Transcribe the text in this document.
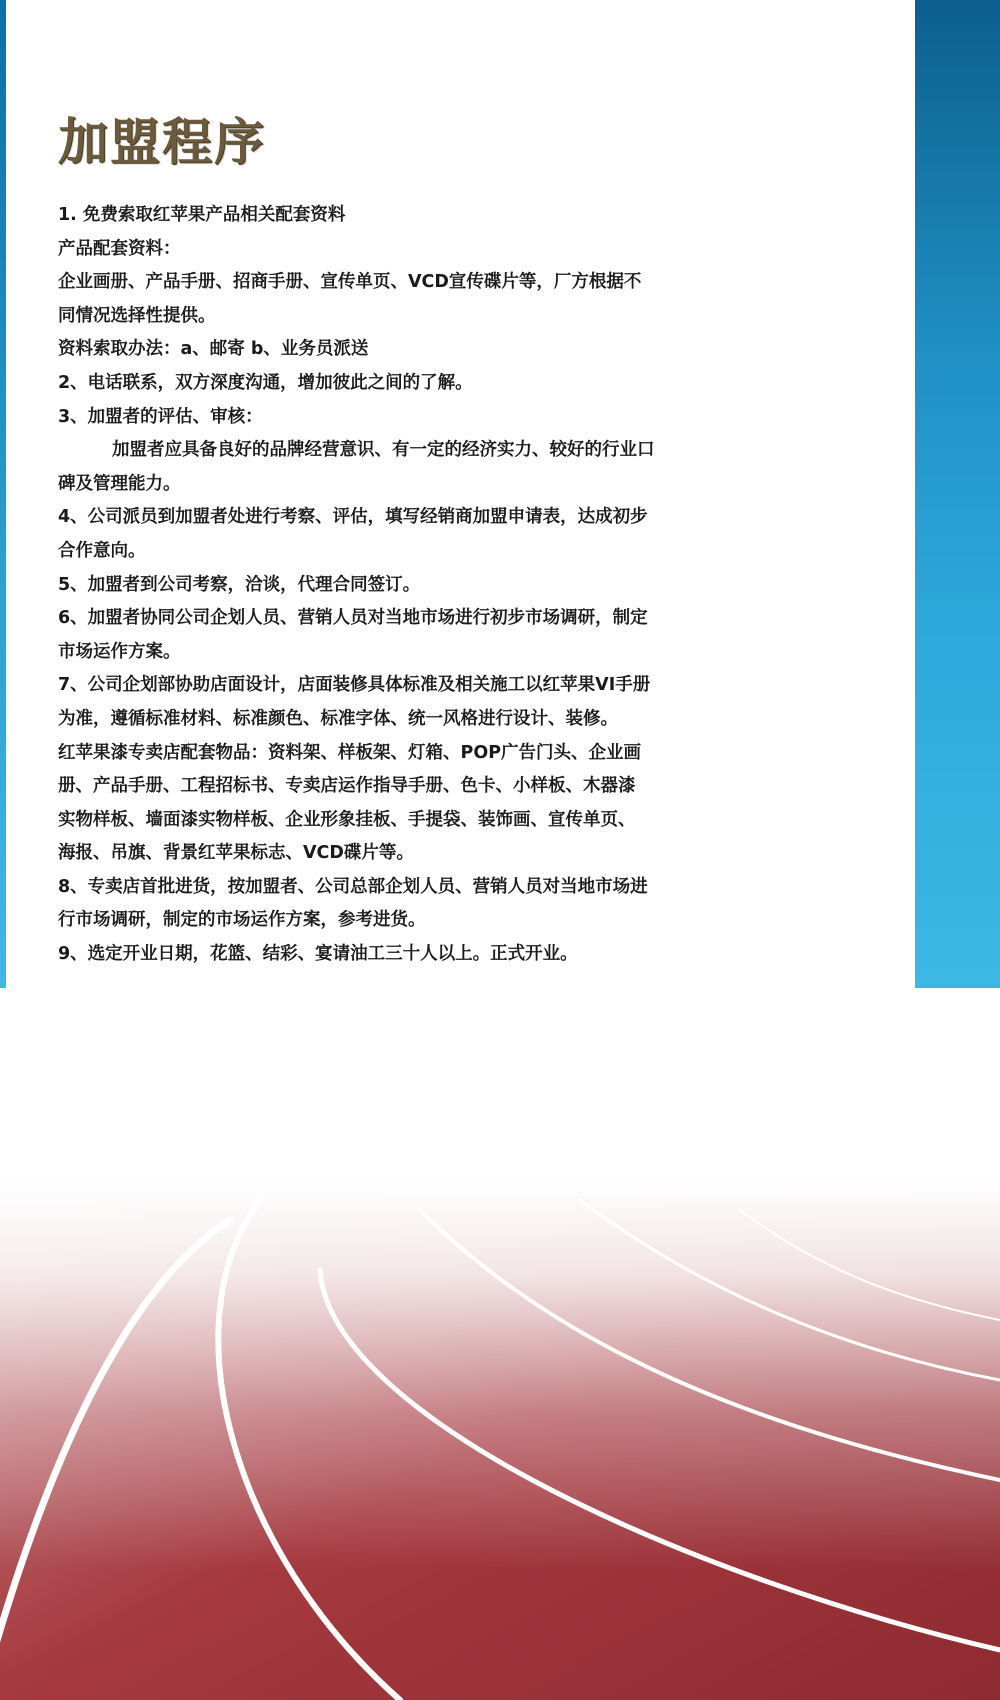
加盟程序
1. 免费索取红苹果产品相关配套资料
产品配套资料：
企业画册、产品手册、招商手册、宣传单页、VCD宣传碟片等，厂方根据不
同情况选择性提供。
资料索取办法：a、邮寄 b、业务员派送
2、电话联系，双方深度沟通，增加彼此之间的了解。
3、加盟者的评估、审核：
加盟者应具备良好的品牌经营意识、有一定的经济实力、较好的行业口
碑及管理能力。
4、公司派员到加盟者处进行考察、评估，填写经销商加盟申请表，达成初步
合作意向。
5、加盟者到公司考察，洽谈，代理合同签订。
6、加盟者协同公司企划人员、营销人员对当地市场进行初步市场调研，制定
市场运作方案。
7、公司企划部协助店面设计，店面装修具体标准及相关施工以红苹果VI手册
为准，遵循标准材料、标准颜色、标准字体、统一风格进行设计、装修。
红苹果漆专卖店配套物品：资料架、样板架、灯箱、POP广告门头、企业画
册、产品手册、工程招标书、专卖店运作指导手册、色卡、小样板、木器漆
实物样板、墙面漆实物样板、企业形象挂板、手提袋、装饰画、宣传单页、
海报、吊旗、背景红苹果标志、VCD碟片等。
8、专卖店首批进货，按加盟者、公司总部企划人员、营销人员对当地市场进
行市场调研，制定的市场运作方案，参考进货。
9、选定开业日期，花篮、结彩、宴请油工三十人以上。正式开业。
